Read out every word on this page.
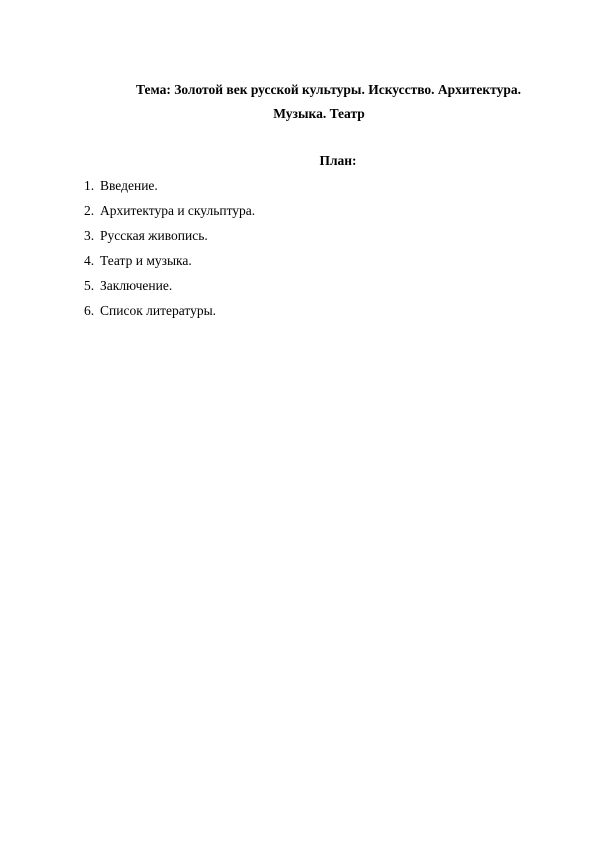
Тема: Золотой век русской культуры. Искусство. Архитектура.
Музыка. Театр
План:
1. Введение.
2. Архитектура и скульптура.
3. Русская живопись.
4. Театр и музыка.
5. Заключение.
6. Список литературы.
